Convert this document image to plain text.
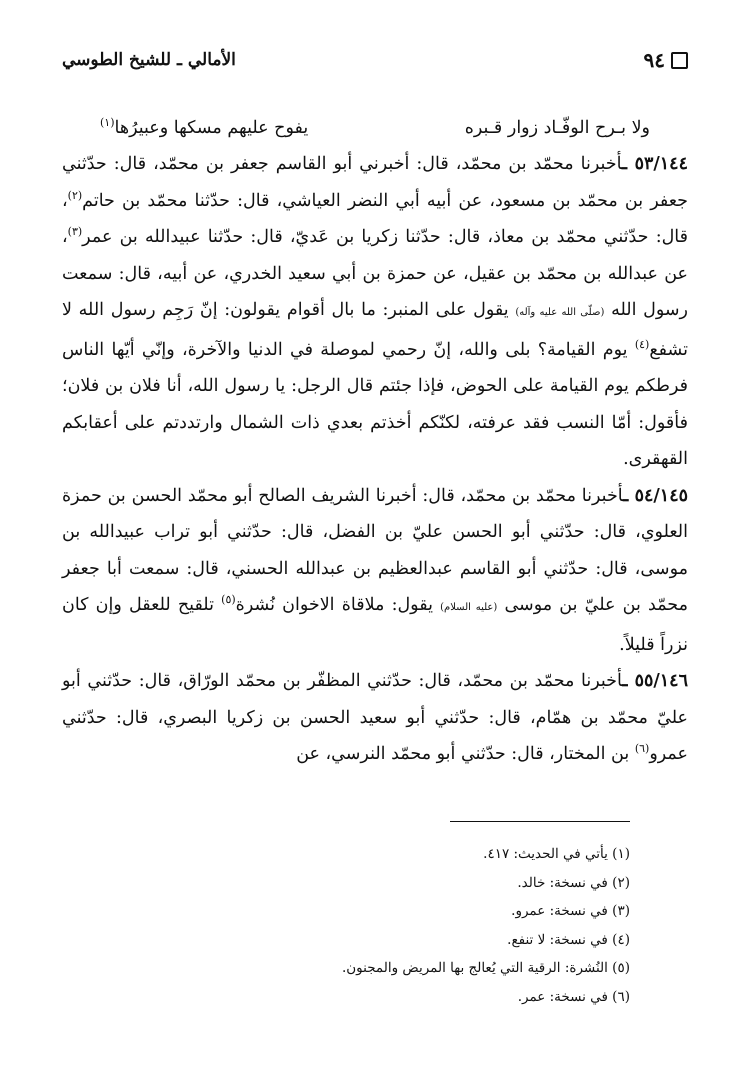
٩٤
الأمالي ـ للشيخ الطوسي
ولا بـرح الوفّـاد زوار قـبره
يفوح عليهم مسكها وعبيرُها$^{(١)}$

٥٣/١٤٤ ـأخبرنا محمّد بن محمّد، قال: أخبرني أبو القاسم جعفر بن محمّد، قال: حدّثني جعفر بن محمّد بن مسعود، عن أبيه أبي النضر العياشي، قال: حدّثنا محمّد بن حاتم$^{(٢)}$، قال: حدّثني محمّد بن معاذ، قال: حدّثنا زكريا بن عَديّ، قال: حدّثنا عبيدالله بن عمر$^{(٣)}$، عن عبدالله بن محمّد بن عقيل، عن حمزة بن أبي سعيد الخدري، عن أبيه، قال: سمعت رسول الله (صلّى الله عليه وآله) يقول على المنبر: ما بال أقوام يقولون: إنّ رَجِم رسول الله لا تشفع$^{(٤)}$ يوم القيامة؟ بلى والله، إنّ رحمي لموصلة في الدنيا والآخرة، وإنّي أيّها الناس فرطكم يوم القيامة على الحوض، فإذا جئتم قال الرجل: يا رسول الله، أنا فلان بن فلان؛ فأقول: أمّا النسب فقد عرفته، لكنّكم أخذتم بعدي ذات الشمال وارتددتم على أعقابكم القهقرى.

٥٤/١٤٥ ـأخبرنا محمّد بن محمّد، قال: أخبرنا الشريف الصالح أبو محمّد الحسن بن حمزة العلوي، قال: حدّثني أبو الحسن عليّ بن الفضل، قال: حدّثني أبو تراب عبيدالله بن موسى، قال: حدّثني أبو القاسم عبدالعظيم بن عبدالله الحسني، قال: سمعت أبا جعفر محمّد بن عليّ بن موسى (عليه السلام) يقول: ملاقاة الاخوان نُشرة$^{(٥)}$ تلقيح للعقل وإن كان نزراً قليلاً.

٥٥/١٤٦ ـأخبرنا محمّد بن محمّد، قال: حدّثني المظفّر بن محمّد الورّاق، قال: حدّثني أبو عليّ محمّد بن همّام، قال: حدّثني أبو سعيد الحسن بن زكريا البصري، قال: حدّثني عمرو$^{(٦)}$ بن المختار، قال: حدّثني أبو محمّد النرسي، عن

(١) يأتي في الحديث: ٤١٧.
(٢) في نسخة: خالد.
(٣) في نسخة: عمرو.
(٤) في نسخة: لا تنفع.
(٥) النُشرة: الرقية التي يُعالج بها المريض والمجنون.
(٦) في نسخة: عمر.
